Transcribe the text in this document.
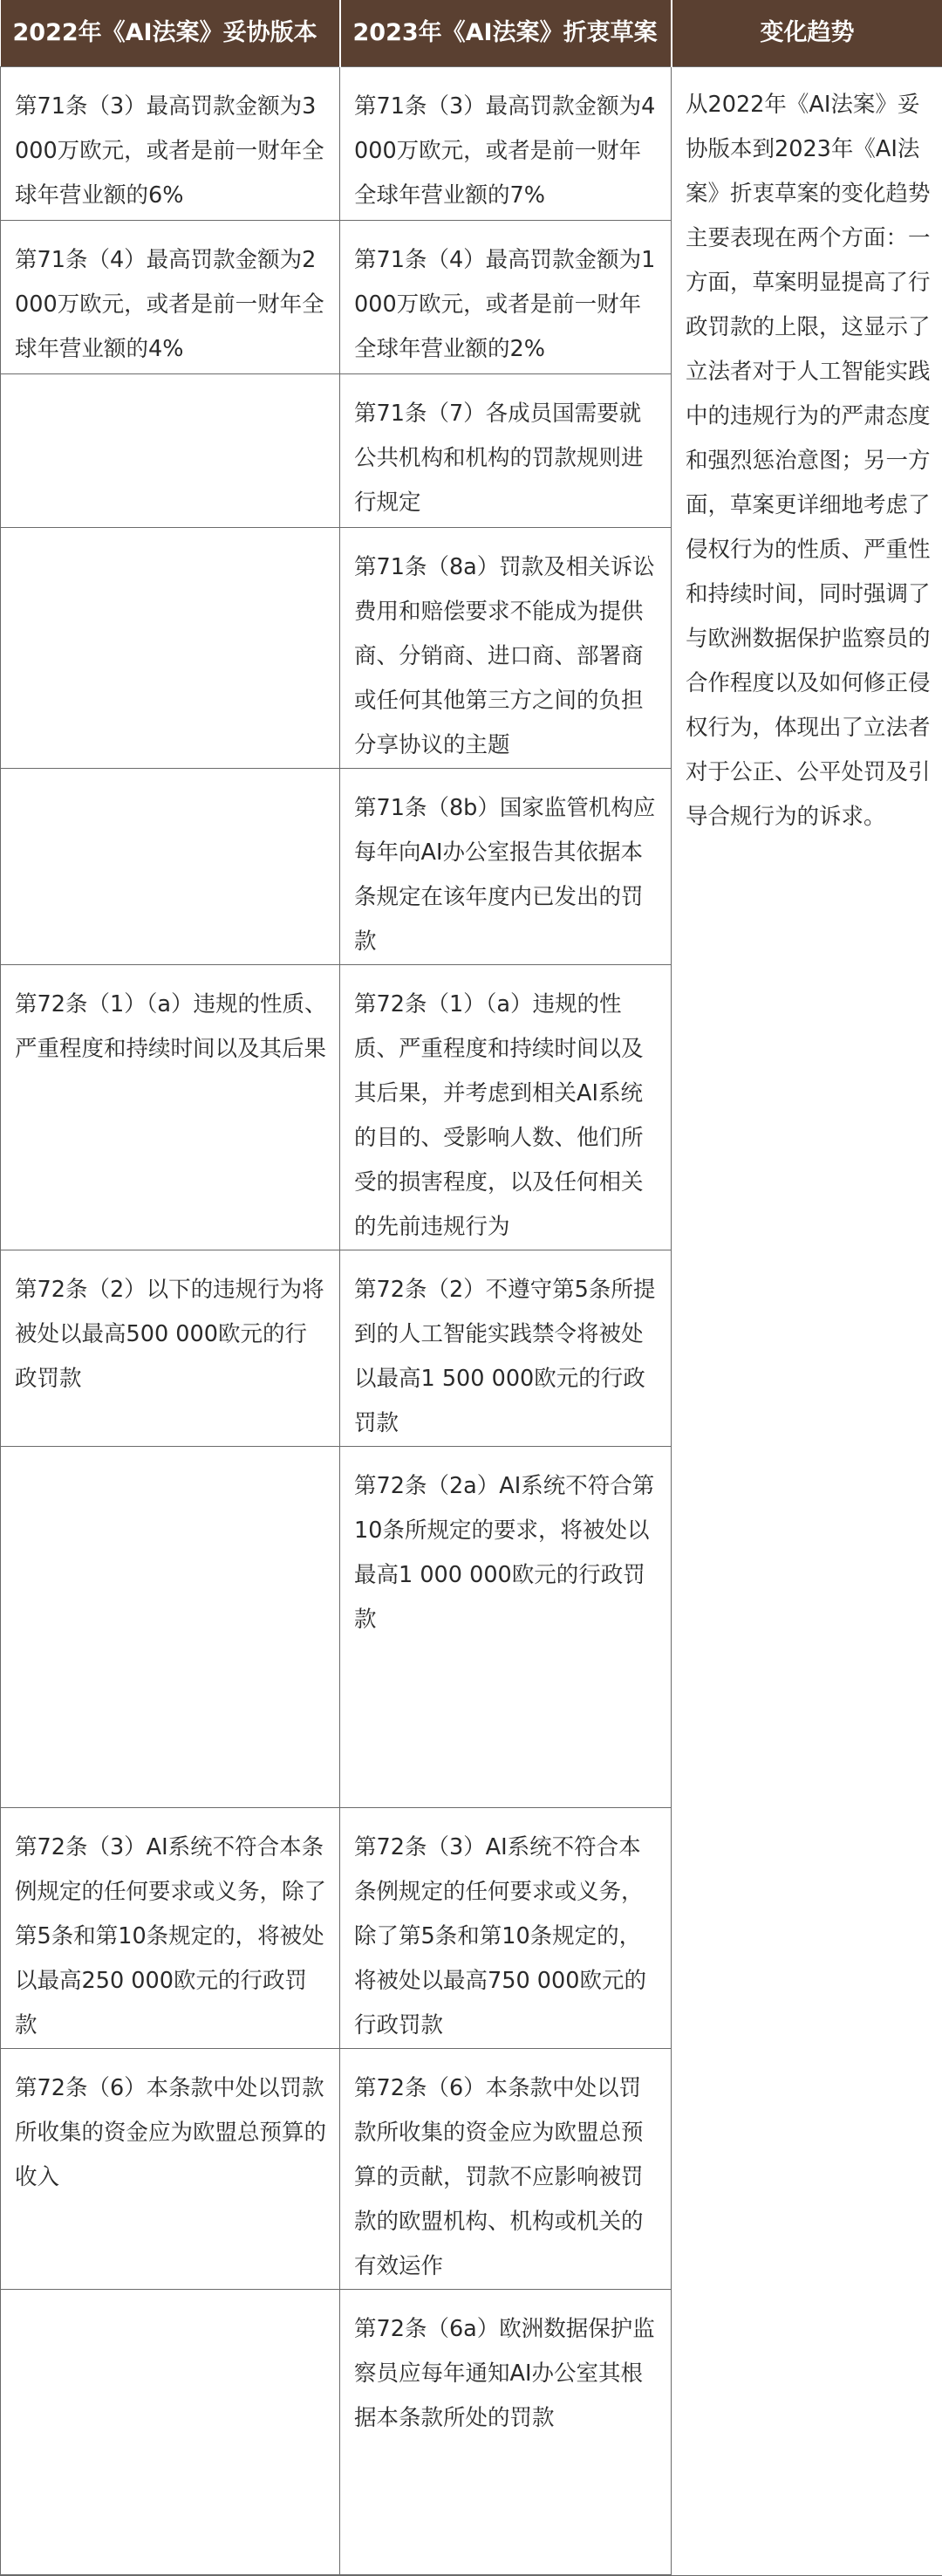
2022年《AI法案》妥协版本	2023年《AI法案》折衷草案	变化趋势
第71条（3）最高罚款金额为3000万欧元，或者是前一财年全球年营业额的6%	第71条（3）最高罚款金额为4000万欧元，或者是前一财年全球年营业额的7%	从2022年《AI法案》妥协版本到2023年《AI法案》折衷草案的变化趋势主要表现在两个方面：一方面，草案明显提高了行政罚款的上限，这显示了立法者对于人工智能实践中的违规行为的严肃态度和强烈惩治意图；另一方面，草案更详细地考虑了侵权行为的性质、严重性和持续时间，同时强调了与欧洲数据保护监察员的合作程度以及如何修正侵权行为，体现出了立法者对于公正、公平处罚及引导合规行为的诉求。
第71条（4）最高罚款金额为2000万欧元，或者是前一财年全球年营业额的4%	第71条（4）最高罚款金额为1000万欧元，或者是前一财年全球年营业额的2%	
	第71条（7）各成员国需要就公共机构和机构的罚款规则进行规定	
	第71条（8a）罚款及相关诉讼费用和赔偿要求不能成为提供商、分销商、进口商、部署商或任何其他第三方之间的负担分享协议的主题	
	第71条（8b）国家监管机构应每年向AI办公室报告其依据本条规定在该年度内已发出的罚款	
第72条（1）（a）违规的性质、严重程度和持续时间以及其后果	第72条（1）（a）违规的性质、严重程度和持续时间以及其后果，并考虑到相关AI系统的目的、受影响人数、他们所受的损害程度，以及任何相关的先前违规行为	
第72条（2）以下的违规行为将被处以最高500 000欧元的行政罚款	第72条（2）不遵守第5条所提到的人工智能实践禁令将被处以最高1 500 000欧元的行政罚款	
	第72条（2a）AI系统不符合第10条所规定的要求，将被处以最高1 000 000欧元的行政罚款	
第72条（3）AI系统不符合本条例规定的任何要求或义务，除了第5条和第10条规定的，将被处以最高250 000欧元的行政罚款	第72条（3）AI系统不符合本条例规定的任何要求或义务，除了第5条和第10条规定的，将被处以最高750 000欧元的行政罚款	
第72条（6）本条款中处以罚款所收集的资金应为欧盟总预算的收入	第72条（6）本条款中处以罚款所收集的资金应为欧盟总预算的贡献，罚款不应影响被罚款的欧盟机构、机构或机关的有效运作	
	第72条（6a）欧洲数据保护监察员应每年通知AI办公室其根据本条款所处的罚款	
